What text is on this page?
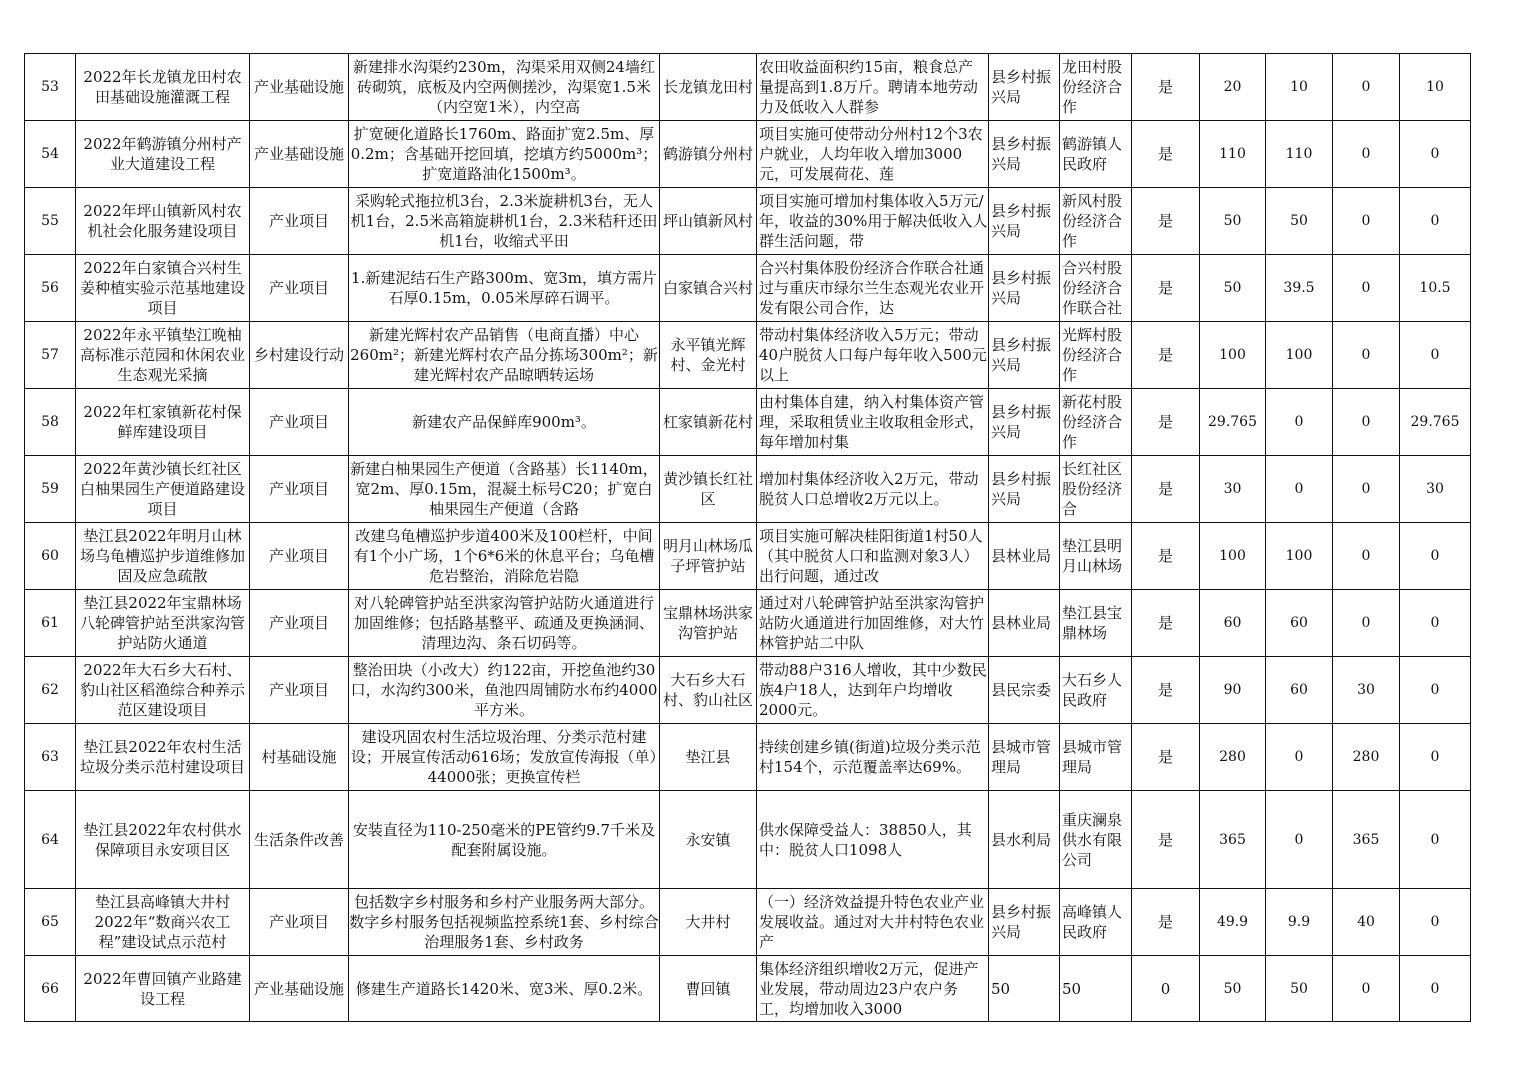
53	2022年长龙镇龙田村农田基础设施灌溉工程	产业基础设施	新建排水沟渠约230m，沟渠采用双侧24墙红砖砌筑，底板及内空两侧搓沙，沟渠宽1.5米（内空宽1米），内空高	长龙镇龙田村	农田收益面积约15亩，粮食总产量提高到1.8万斤。聘请本地劳动力及低收入人群参	县乡村振兴局	龙田村股份经济合作	是	20	10	0	10

54	2022年鹤游镇分州村产业大道建设工程	产业基础设施	扩宽硬化道路长1760m、路面扩宽2.5m、厚0.2m；含基础开挖回填，挖填方约5000m³；扩宽道路油化1500m³。	鹤游镇分州村	项目实施可使带动分州村12个3农户就业，人均年收入增加3000元，可发展荷花、莲	县乡村振兴局	鹤游镇人民政府	是	110	110	0	0

55	2022年坪山镇新风村农机社会化服务建设项目	产业项目	采购轮式拖拉机3台，2.3米旋耕机3台，无人机1台，2.5米高箱旋耕机1台，2.3米秸秆还田机1台，收缩式平田	坪山镇新风村	项目实施可增加村集体收入5万元/年，收益的30%用于解决低收入人群生活问题，带	县乡村振兴局	新风村股份经济合作	是	50	50	0	0

56	2022年白家镇合兴村生姜种植实验示范基地建设项目	产业项目	1.新建泥结石生产路300m、宽3m，填方需片石厚0.15m，0.05米厚碎石调平。	白家镇合兴村	合兴村集体股份经济合作联合社通过与重庆市绿尔兰生态观光农业开发有限公司合作，达	县乡村振兴局	合兴村股份经济合作联合社	是	50	39.5	0	10.5

57	2022年永平镇垫江晚柚高标准示范园和休闲农业生态观光采摘	乡村建设行动	新建光辉村农产品销售（电商直播）中心260m²；新建光辉村农产品分拣场300m²；新建光辉村农产品晾晒转运场	永平镇光辉村、金光村	带动村集体经济收入5万元；带动40户脱贫人口每户每年收入500元以上	县乡村振兴局	光辉村股份经济合作	是	100	100	0	0

58	2022年杠家镇新花村保鲜库建设项目	产业项目	新建农产品保鲜库900m³。	杠家镇新花村	由村集体自建，纳入村集体资产管理，采取租赁业主收取租金形式，每年增加村集	县乡村振兴局	新花村股份经济合作	是	29.765	0	0	29.765

59	2022年黄沙镇长红社区白柚果园生产便道路建设项目	产业项目	新建白柚果园生产便道（含路基）长1140m，宽2m、厚0.15m，混凝土标号C20；扩宽白柚果园生产便道（含路	黄沙镇长红社区	增加村集体经济收入2万元，带动脱贫人口总增收2万元以上。	县乡村振兴局	长红社区股份经济合	是	30	0	0	30

60	垫江县2022年明月山林场乌龟槽巡护步道维修加固及应急疏散	产业项目	改建乌龟槽巡护步道400米及100栏杆，中间有1个小广场，1个6*6米的休息平台；乌龟槽危岩整治，消除危岩隐	明月山林场瓜子坪管护站	项目实施可解决桂阳街道1村50人（其中脱贫人口和监测对象3人）出行问题，通过改	县林业局	垫江县明月山林场	是	100	100	0	0

61	垫江县2022年宝鼎林场八轮碑管护站至洪家沟管护站防火通道	产业项目	对八轮碑管护站至洪家沟管护站防火通道进行加固维修；包括路基整平、疏通及更换涵洞、清理边沟、条石切码等。	宝鼎林场洪家沟管护站	通过对八轮碑管护站至洪家沟管护站防火通道进行加固维修，对大竹林管护站二中队	县林业局	垫江县宝鼎林场	是	60	60	0	0

62	2022年大石乡大石村、豹山社区稻渔综合种养示范区建设项目	产业项目	整治田块（小改大）约122亩，开挖鱼池约30口，水沟约300米，鱼池四周铺防水布约4000平方米。	大石乡大石村、豹山社区	带动88户316人增收，其中少数民族4户18人，达到年户均增收2000元。	县民宗委	大石乡人民政府	是	90	60	30	0

63	垫江县2022年农村生活垃圾分类示范村建设项目	村基础设施	建设巩固农村生活垃圾治理、分类示范村建设；开展宣传活动616场；发放宣传海报（单）44000张；更换宣传栏	垫江县	持续创建乡镇(街道)垃圾分类示范村154个，示范覆盖率达69%。	县城市管理局	县城市管理局	是	280	0	280	0

64	垫江县2022年农村供水保障项目永安项目区	生活条件改善	安装直径为110-250毫米的PE管约9.7千米及配套附属设施。	永安镇	供水保障受益人：38850人，其中：脱贫人口1098人	县水利局	重庆澜泉供水有限公司	是	365	0	365	0

65	垫江县高峰镇大井村2022年“数商兴农工程”建设试点示范村	产业项目	包括数字乡村服务和乡村产业服务两大部分。数字乡村服务包括视频监控系统1套、乡村综合治理服务1套、乡村政务	大井村	（一）经济效益提升特色农业产业发展收益。通过对大井村特色农业产	县乡村振兴局	高峰镇人民政府	是	49.9	9.9	40	0

66	2022年曹回镇产业路建设工程	产业基础设施	修建生产道路长1420米、宽3米、厚0.2米。	曹回镇	集体经济组织增收2万元，促进产业发展，带动周边23户农户务工，均增加收入3000	50	50	0	50	50	0	0
